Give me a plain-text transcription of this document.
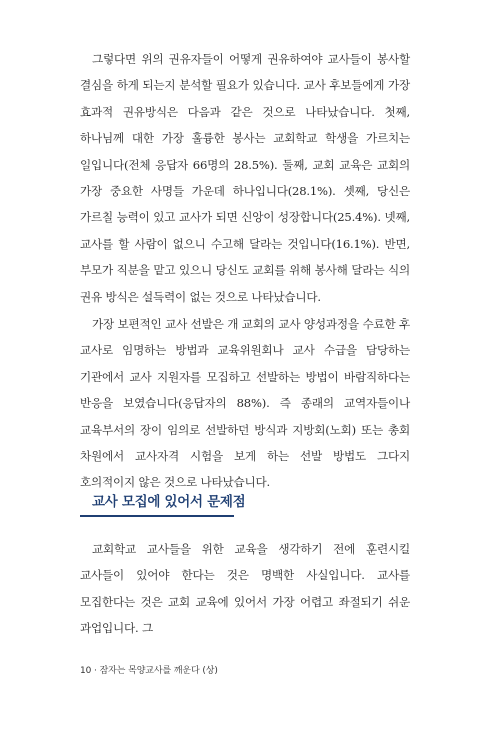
그렇다면 위의 권유자들이 어떻게 권유하여야 교사들이 봉사할 결심을 하게 되는지 분석할 필요가 있습니다. 교사 후보들에게 가장 효과적 권유방식은 다음과 같은 것으로 나타났습니다. 첫째, 하나님께 대한 가장 훌륭한 봉사는 교회학교 학생을 가르치는 일입니다(전체 응답자 66명의 28.5%). 둘째, 교회 교육은 교회의 가장 중요한 사명들 가운데 하나입니다(28.1%). 셋째, 당신은 가르칠 능력이 있고 교사가 되면 신앙이 성장합니다(25.4%). 넷째, 교사를 할 사람이 없으니 수고해 달라는 것입니다(16.1%). 반면, 부모가 직분을 맡고 있으니 당신도 교회를 위해 봉사해 달라는 식의 권유 방식은 설득력이 없는 것으로 나타났습니다.

가장 보편적인 교사 선발은 개 교회의 교사 양성과정을 수료한 후 교사로 임명하는 방법과 교육위원회나 교사 수급을 담당하는 기관에서 교사 지원자를 모집하고 선발하는 방법이 바람직하다는 반응을 보였습니다(응답자의 88%). 즉 종래의 교역자들이나 교육부서의 장이 임의로 선발하던 방식과 지방회(노회) 또는 총회 차원에서 교사자격 시험을 보게 하는 선발 방법도 그다지 호의적이지 않은 것으로 나타났습니다.

교사 모집에 있어서 문제점

교회학교 교사들을 위한 교육을 생각하기 전에 훈련시킬 교사들이 있어야 한다는 것은 명백한 사실입니다. 교사를 모집한다는 것은 교회 교육에 있어서 가장 어렵고 좌절되기 쉬운 과업입니다. 그

10 · 잠자는 목양교사를 깨운다 (상)
